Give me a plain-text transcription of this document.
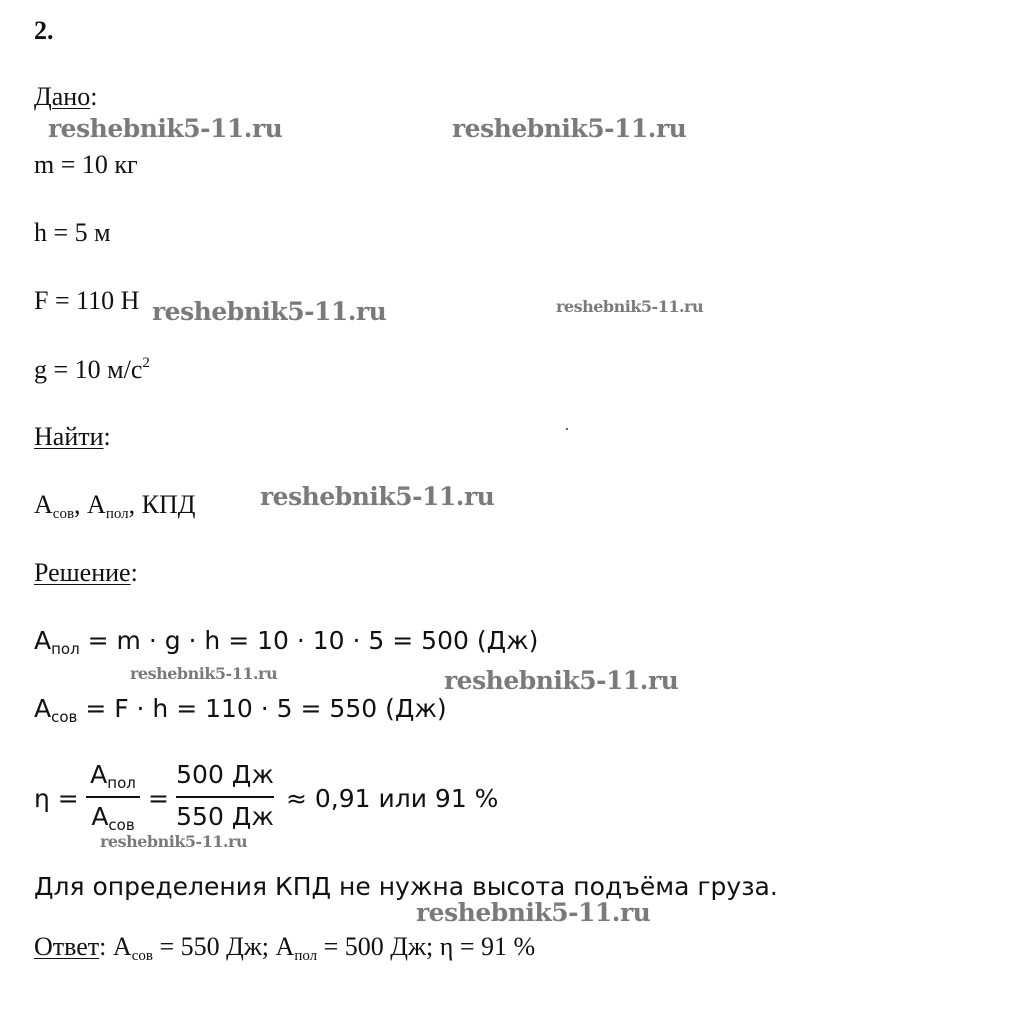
2.
Дано:
m = 10 кг
h = 5 м
F = 110 Н
g = 10 $м/с^2$
Найти:
$А_{сов}$, $А_{пол}$, КПД
Решение:
$А_{пол} = m \cdot g \cdot h = 10 \cdot 10 \cdot 5 = 500$ (Дж)
$А_{сов} = F \cdot h = 110 \cdot 5 = 550$ (Дж)
η =
$А_{пол}$
$А_{сов}$
=
500 Дж
550 Дж
≈ 0,91 или 91 %
Для определения КПД не нужна высота подъёма груза.
Ответ: $А_{сов} = 550$ Дж; $А_{пол} = 500$ Дж; η = 91 %
reshebnik5-11.ru	reshebnik5-11.ru
reshebnik5-11.ru	reshebnik5-11.ru
reshebnik5-11.ru
reshebnik5-11.ru	reshebnik5-11.ru
reshebnik5-11.ru
reshebnik5-11.ru
